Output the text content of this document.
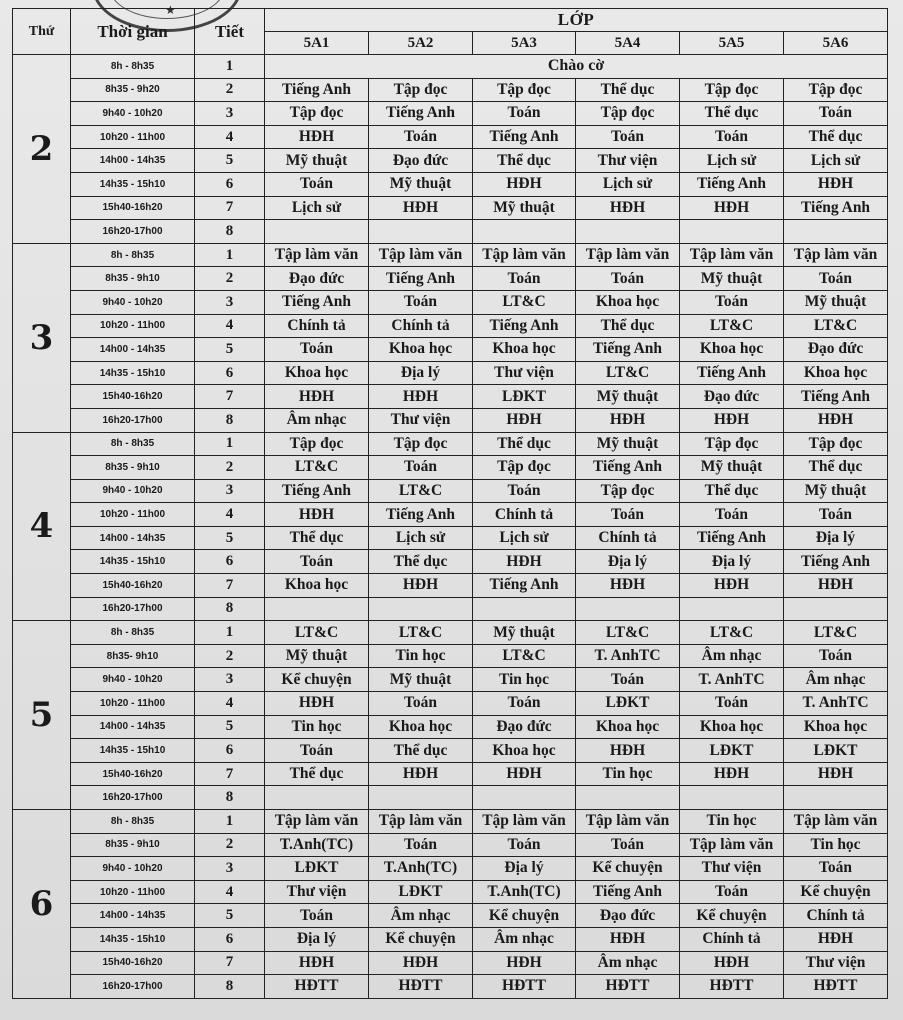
★
Thứ	Thời gian	Tiết	LỚP					
			5A1	5A2	5A3	5A4	5A5	5A6
2	8h - 8h35	1	Chào cờ					
	8h35 - 9h20	2	Tiếng Anh	Tập đọc	Tập đọc	Thể dục	Tập đọc	Tập đọc
	9h40 - 10h20	3	Tập đọc	Tiếng Anh	Toán	Tập đọc	Thể dục	Toán
	10h20 - 11h00	4	HĐH	Toán	Tiếng Anh	Toán	Toán	Thể dục
	14h00 - 14h35	5	Mỹ thuật	Đạo đức	Thể dục	Thư viện	Lịch sử	Lịch sử
	14h35 - 15h10	6	Toán	Mỹ thuật	HĐH	Lịch sử	Tiếng Anh	HĐH
	15h40-16h20	7	Lịch sử	HĐH	Mỹ thuật	HĐH	HĐH	Tiếng Anh
	16h20-17h00	8						
3	8h - 8h35	1	Tập làm văn	Tập làm văn	Tập làm văn	Tập làm văn	Tập làm văn	Tập làm văn
	8h35 - 9h10	2	Đạo đức	Tiếng Anh	Toán	Toán	Mỹ thuật	Toán
	9h40 - 10h20	3	Tiếng Anh	Toán	LT&C	Khoa học	Toán	Mỹ thuật
	10h20 - 11h00	4	Chính tả	Chính tả	Tiếng Anh	Thể dục	LT&C	LT&C
	14h00 - 14h35	5	Toán	Khoa học	Khoa học	Tiếng Anh	Khoa học	Đạo đức
	14h35 - 15h10	6	Khoa học	Địa lý	Thư viện	LT&C	Tiếng Anh	Khoa học
	15h40-16h20	7	HĐH	HĐH	LĐKT	Mỹ thuật	Đạo đức	Tiếng Anh
	16h20-17h00	8	Âm nhạc	Thư viện	HĐH	HĐH	HĐH	HĐH
4	8h - 8h35	1	Tập đọc	Tập đọc	Thể dục	Mỹ thuật	Tập đọc	Tập đọc
	8h35 - 9h10	2	LT&C	Toán	Tập đọc	Tiếng Anh	Mỹ thuật	Thể dục
	9h40 - 10h20	3	Tiếng Anh	LT&C	Toán	Tập đọc	Thể dục	Mỹ thuật
	10h20 - 11h00	4	HĐH	Tiếng Anh	Chính tả	Toán	Toán	Toán
	14h00 - 14h35	5	Thể dục	Lịch sử	Lịch sử	Chính tả	Tiếng Anh	Địa lý
	14h35 - 15h10	6	Toán	Thể dục	HĐH	Địa lý	Địa lý	Tiếng Anh
	15h40-16h20	7	Khoa học	HĐH	Tiếng Anh	HĐH	HĐH	HĐH
	16h20-17h00	8						
5	8h - 8h35	1	LT&C	LT&C	Mỹ thuật	LT&C	LT&C	LT&C
	8h35- 9h10	2	Mỹ thuật	Tin học	LT&C	T. AnhTC	Âm nhạc	Toán
	9h40 - 10h20	3	Kể chuyện	Mỹ thuật	Tin học	Toán	T. AnhTC	Âm nhạc
	10h20 - 11h00	4	HĐH	Toán	Toán	LĐKT	Toán	T. AnhTC
	14h00 - 14h35	5	Tin học	Khoa học	Đạo đức	Khoa học	Khoa học	Khoa học
	14h35 - 15h10	6	Toán	Thể dục	Khoa học	HĐH	LĐKT	LĐKT
	15h40-16h20	7	Thể dục	HĐH	HĐH	Tin học	HĐH	HĐH
	16h20-17h00	8						
6	8h - 8h35	1	Tập làm văn	Tập làm văn	Tập làm văn	Tập làm văn	Tin học	Tập làm văn
	8h35 - 9h10	2	T.Anh(TC)	Toán	Toán	Toán	Tập làm văn	Tin học
	9h40 - 10h20	3	LĐKT	T.Anh(TC)	Địa lý	Kể chuyện	Thư viện	Toán
	10h20 - 11h00	4	Thư viện	LĐKT	T.Anh(TC)	Tiếng Anh	Toán	Kể chuyện
	14h00 - 14h35	5	Toán	Âm nhạc	Kể chuyện	Đạo đức	Kể chuyện	Chính tả
	14h35 - 15h10	6	Địa lý	Kể chuyện	Âm nhạc	HĐH	Chính tả	HĐH
	15h40-16h20	7	HĐH	HĐH	HĐH	Âm nhạc	HĐH	Thư viện
	16h20-17h00	8	HĐTT	HĐTT	HĐTT	HĐTT	HĐTT	HĐTT
